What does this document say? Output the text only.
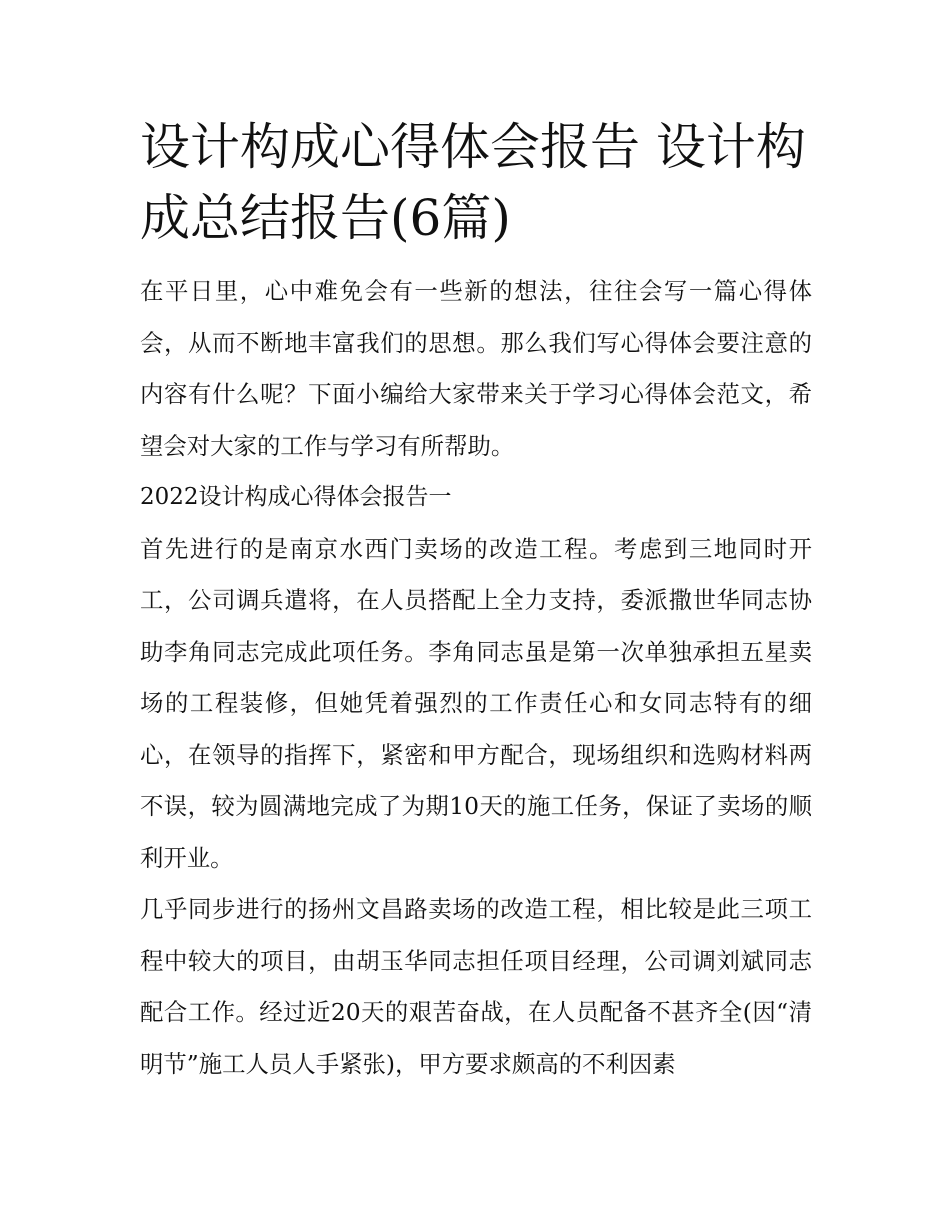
设计构成心得体会报告 设计构成总结报告(6篇)

在平日里，心中难免会有一些新的想法，往往会写一篇心得体会，从而不断地丰富我们的思想。那么我们写心得体会要注意的内容有什么呢？下面小编给大家带来关于学习心得体会范文，希望会对大家的工作与学习有所帮助。

2022设计构成心得体会报告一

首先进行的是南京水西门卖场的改造工程。考虑到三地同时开工，公司调兵遣将，在人员搭配上全力支持，委派撒世华同志协助李角同志完成此项任务。李角同志虽是第一次单独承担五星卖场的工程装修，但她凭着强烈的工作责任心和女同志特有的细心，在领导的指挥下，紧密和甲方配合，现场组织和选购材料两不误，较为圆满地完成了为期10天的施工任务，保证了卖场的顺利开业。

几乎同步进行的扬州文昌路卖场的改造工程，相比较是此三项工程中较大的项目，由胡玉华同志担任项目经理，公司调刘斌同志配合工作。经过近20天的艰苦奋战，在人员配备不甚齐全(因“清明节”施工人员人手紧张)，甲方要求颇高的不利因素
